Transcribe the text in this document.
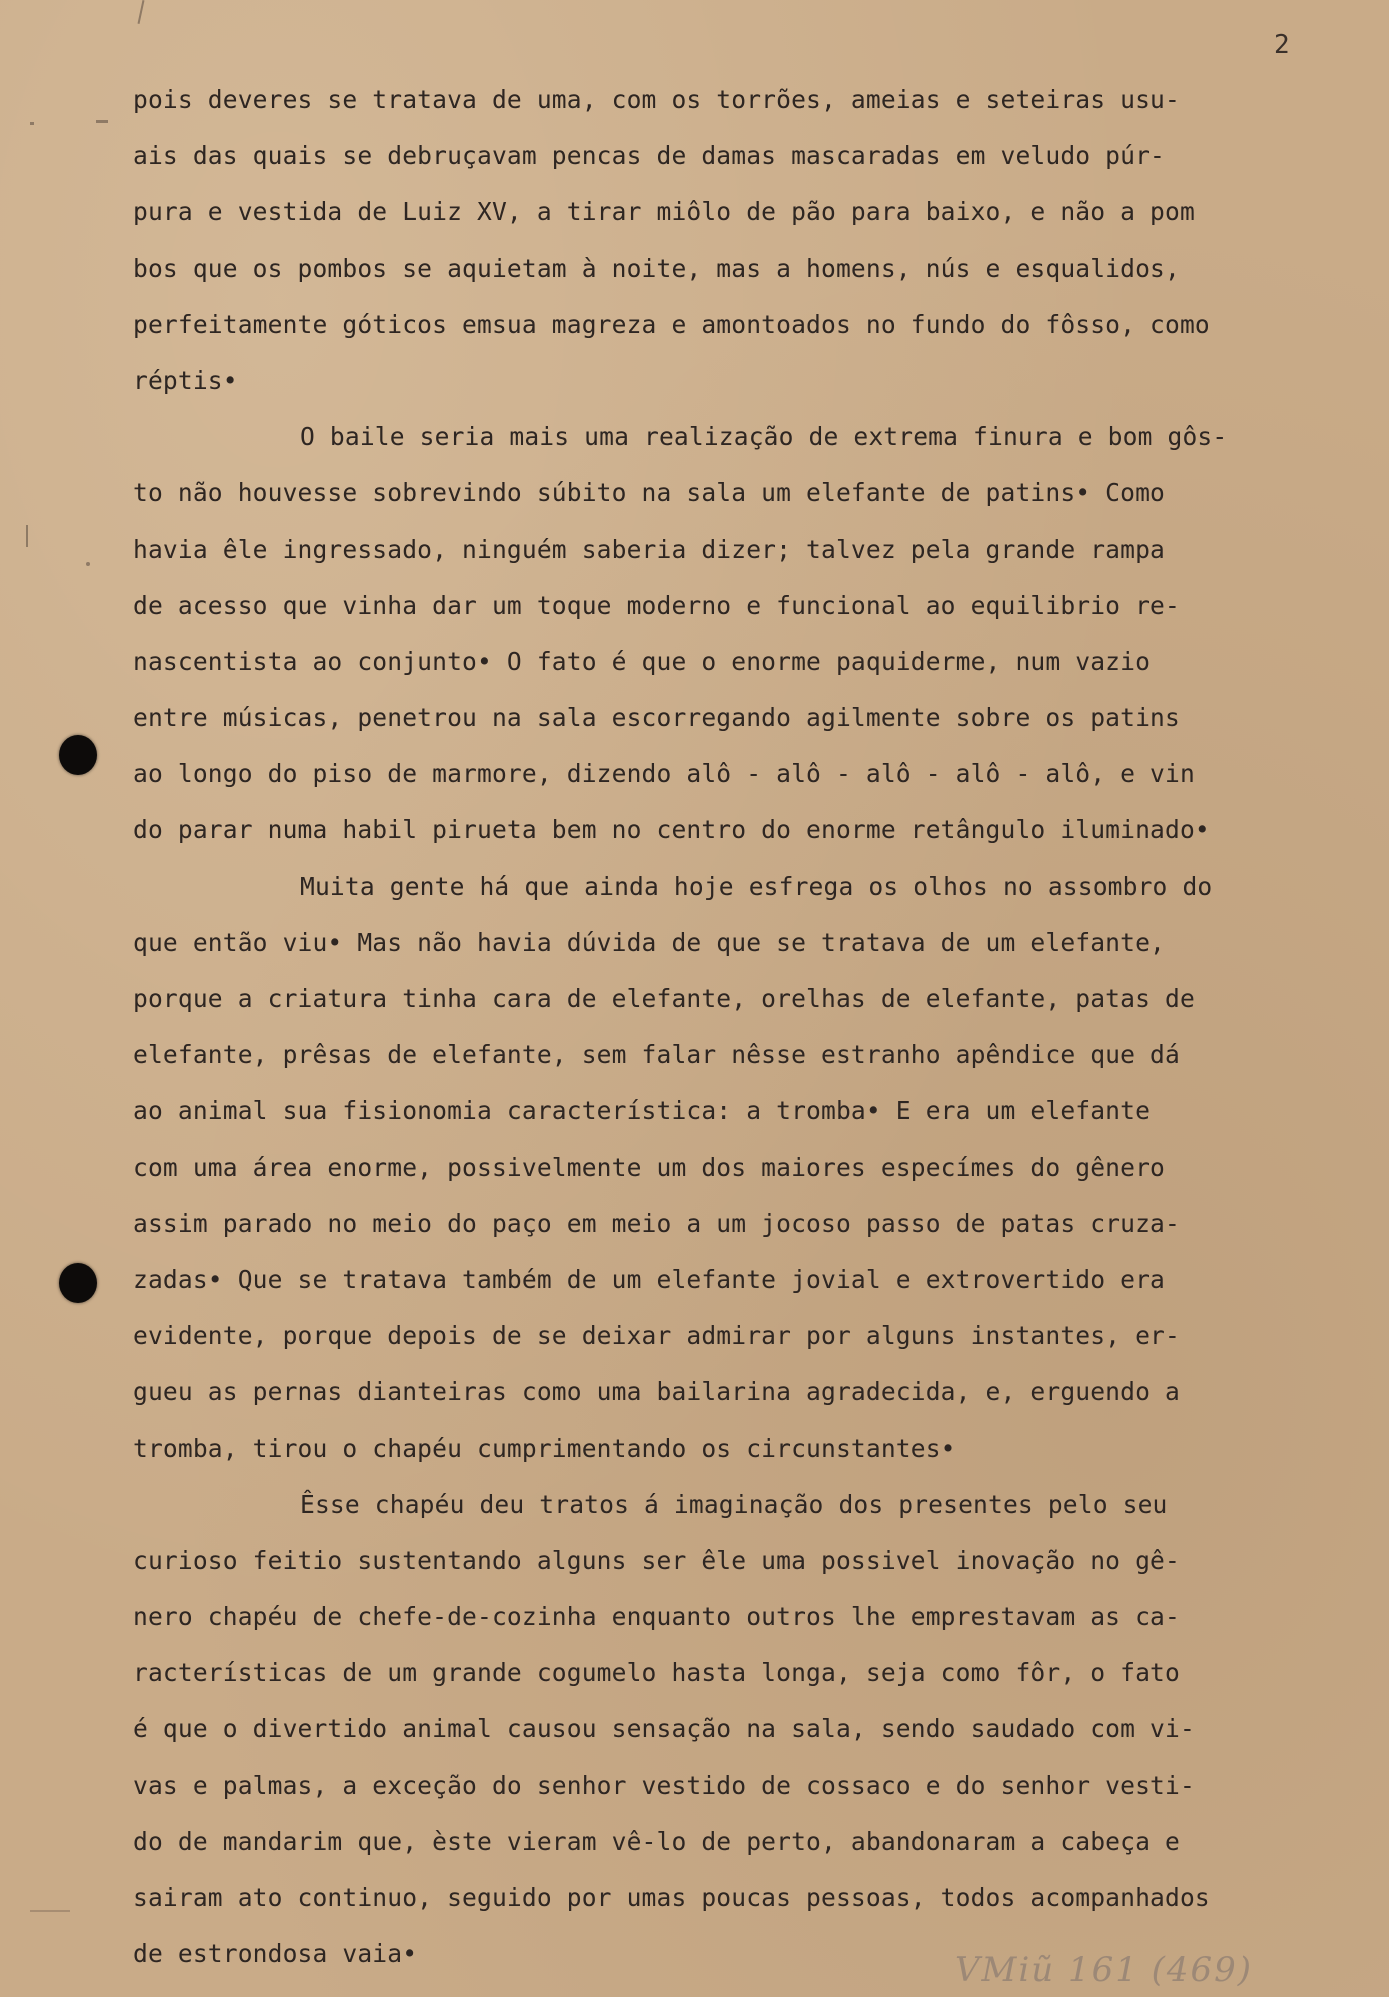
2
pois deveres se tratava de uma, com os torrões, ameias e seteiras usu-
ais das quais se debruçavam pencas de damas mascaradas em veludo púr-
pura e vestida de Luiz XV, a tirar miôlo de pão para baixo, e não a pom
bos que os pombos se aquietam à noite, mas a homens, nús e esqualidos,
perfeitamente góticos emsua magreza e amontoados no fundo do fôsso, como
réptis•
O baile seria mais uma realização de extrema finura e bom gôs-
to não houvesse sobrevindo súbito na sala um elefante de patins• Como
havia êle ingressado, ninguém saberia dizer; talvez pela grande rampa
de acesso que vinha dar um toque moderno e funcional ao equilibrio re-
nascentista ao conjunto• O fato é que o enorme paquiderme, num vazio
entre músicas, penetrou na sala escorregando agilmente sobre os patins
ao longo do piso de marmore, dizendo alô - alô - alô - alô - alô, e vin
do parar numa habil pirueta bem no centro do enorme retângulo iluminado•
Muita gente há que ainda hoje esfrega os olhos no assombro do
que então viu• Mas não havia dúvida de que se tratava de um elefante,
porque a criatura tinha cara de elefante, orelhas de elefante, patas de
elefante, prêsas de elefante, sem falar nêsse estranho apêndice que dá
ao animal sua fisionomia característica: a tromba• E era um elefante
com uma área enorme, possivelmente um dos maiores especímes do gênero
assim parado no meio do paço em meio a um jocoso passo de patas cruza-
zadas• Que se tratava também de um elefante jovial e extrovertido era
evidente, porque depois de se deixar admirar por alguns instantes, er-
gueu as pernas dianteiras como uma bailarina agradecida, e, erguendo a
tromba, tirou o chapéu cumprimentando os circunstantes•
Êsse chapéu deu tratos á imaginação dos presentes pelo seu
curioso feitio sustentando alguns ser êle uma possivel inovação no gê-
nero chapéu de chefe-de-cozinha enquanto outros lhe emprestavam as ca-
racterísticas de um grande cogumelo hasta longa, seja como fôr, o fato
é que o divertido animal causou sensação na sala, sendo saudado com vi-
vas e palmas, a exceção do senhor vestido de cossaco e do senhor vesti-
do de mandarim que, èste vieram vê-lo de perto, abandonaram a cabeça e
sairam ato continuo, seguido por umas poucas pessoas, todos acompanhados
de estrondosa vaia•	VMiũ 161 (469)
